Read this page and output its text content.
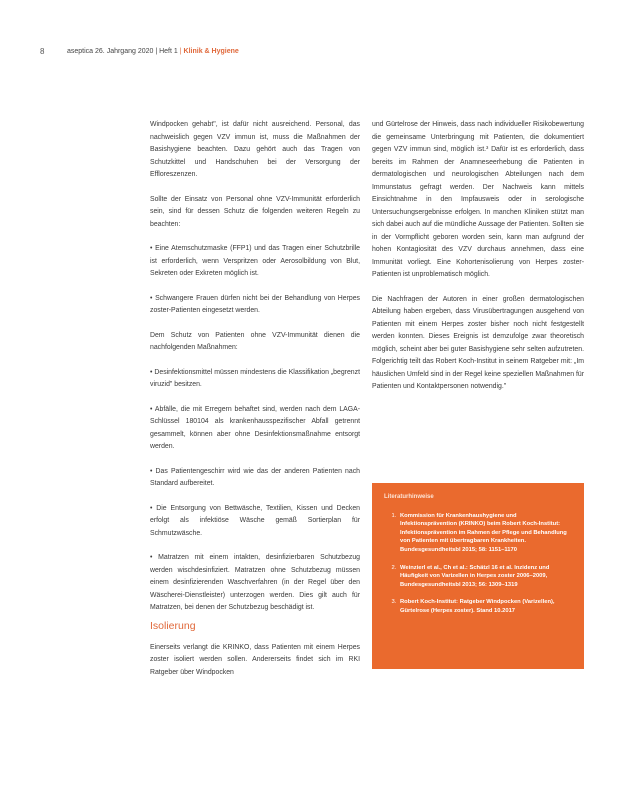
8	aseptica 26. Jahrgang 2020 | Heft 1 | Klinik & Hygiene

Windpocken gehabt", ist dafür nicht ausreichend. Personal, das nachweislich gegen VZV immun ist, muss die Maßnahmen der Basishygiene beachten. Dazu gehört auch das Tragen von Schutzkittel und Handschuhen bei der Versorgung der Effloreszenzen.

Sollte der Einsatz von Personal ohne VZV-Immunität erforderlich sein, sind für dessen Schutz die folgenden weiteren Regeln zu beachten:

• Eine Atemschutzmaske (FFP1) und das Tragen einer Schutzbrille ist erforderlich, wenn Verspritzen oder Aerosolbildung von Blut, Sekreten oder Exkreten möglich ist.

• Schwangere Frauen dürfen nicht bei der Behandlung von Herpes zoster-Patienten eingesetzt werden.

Dem Schutz von Patienten ohne VZV-Immunität dienen die nachfolgenden Maßnahmen:

• Desinfektionsmittel müssen mindestens die Klassifikation „begrenzt viruzid" besitzen.

• Abfälle, die mit Erregern behaftet sind, werden nach dem LAGA-Schlüssel 180104 als krankenhausspezifischer Abfall getrennt gesammelt, können aber ohne Desinfektionsmaßnahme entsorgt werden.

• Das Patientengeschirr wird wie das der anderen Patienten nach Standard aufbereitet.

• Die Entsorgung von Bettwäsche, Textilien, Kissen und Decken erfolgt als infektiöse Wäsche gemäß Sortierplan für Schmutzwäsche.

• Matratzen mit einem intakten, desinfizierbaren Schutzbezug werden wischdesinfiziert. Matratzen ohne Schutzbezug müssen einem desinfizierenden Waschverfahren (in der Regel über den Wäscherei-Dienstleister) unterzogen werden. Dies gilt auch für Matratzen, bei denen der Schutzbezug beschädigt ist.

Isolierung

Einerseits verlangt die KRINKO, dass Patienten mit einem Herpes zoster isoliert werden sollen. Andererseits findet sich im RKI Ratgeber über Windpocken

und Gürtelrose der Hinweis, dass nach individueller Risikobewertung die gemeinsame Unterbringung mit Patienten, die dokumentiert gegen VZV immun sind, möglich ist.³ Dafür ist es erforderlich, dass bereits im Rahmen der Anamneseerhebung die Patienten in dermatologischen und neurologischen Abteilungen nach dem Immunstatus gefragt werden. Der Nachweis kann mittels Einsichtnahme in den Impfausweis oder in serologische Untersuchungsergebnisse erfolgen. In manchen Kliniken stützt man sich dabei auch auf die mündliche Aussage der Patienten. Sollten sie in der Vormpflicht geboren worden sein, kann man aufgrund der hohen Kontagiosität des VZV durchaus annehmen, dass eine Immunität vorliegt. Eine Kohortenisolierung von Herpes zoster-Patienten ist unproblematisch möglich.

Die Nachfragen der Autoren in einer großen dermatologischen Abteilung haben ergeben, dass Virusübertragungen ausgehend von Patienten mit einem Herpes zoster bisher noch nicht festgestellt werden konnten. Dieses Ereignis ist demzufolge zwar theoretisch möglich, scheint aber bei guter Basishygiene sehr selten aufzutreten. Folgerichtig teilt das Robert Koch-Institut in seinem Ratgeber mit: „Im häuslichen Umfeld sind in der Regel keine speziellen Maßnahmen für Patienten und Kontaktpersonen notwendig."

Literaturhinweise
1. Kommission für Krankenhaushygiene und Infektionsprävention (KRINKO) beim Robert Koch-Institut: Infektionsprävention im Rahmen der Pflege und Behandlung von Patienten mit übertragbaren Krankheiten. Bundesgesundheitsbl 2015; 58: 1151–1170
2. Weinzierl et al., Ch et al.: Schätzl 16 et al. Inzidenz und Häufigkeit von Varizellen in Herpes zoster 2006–2009, Bundesgesundheitsbl 2013; 56: 1309–1319
3. Robert Koch-Institut: Ratgeber Windpocken (Varizellen), Gürtelrose (Herpes zoster). Stand 10.2017
